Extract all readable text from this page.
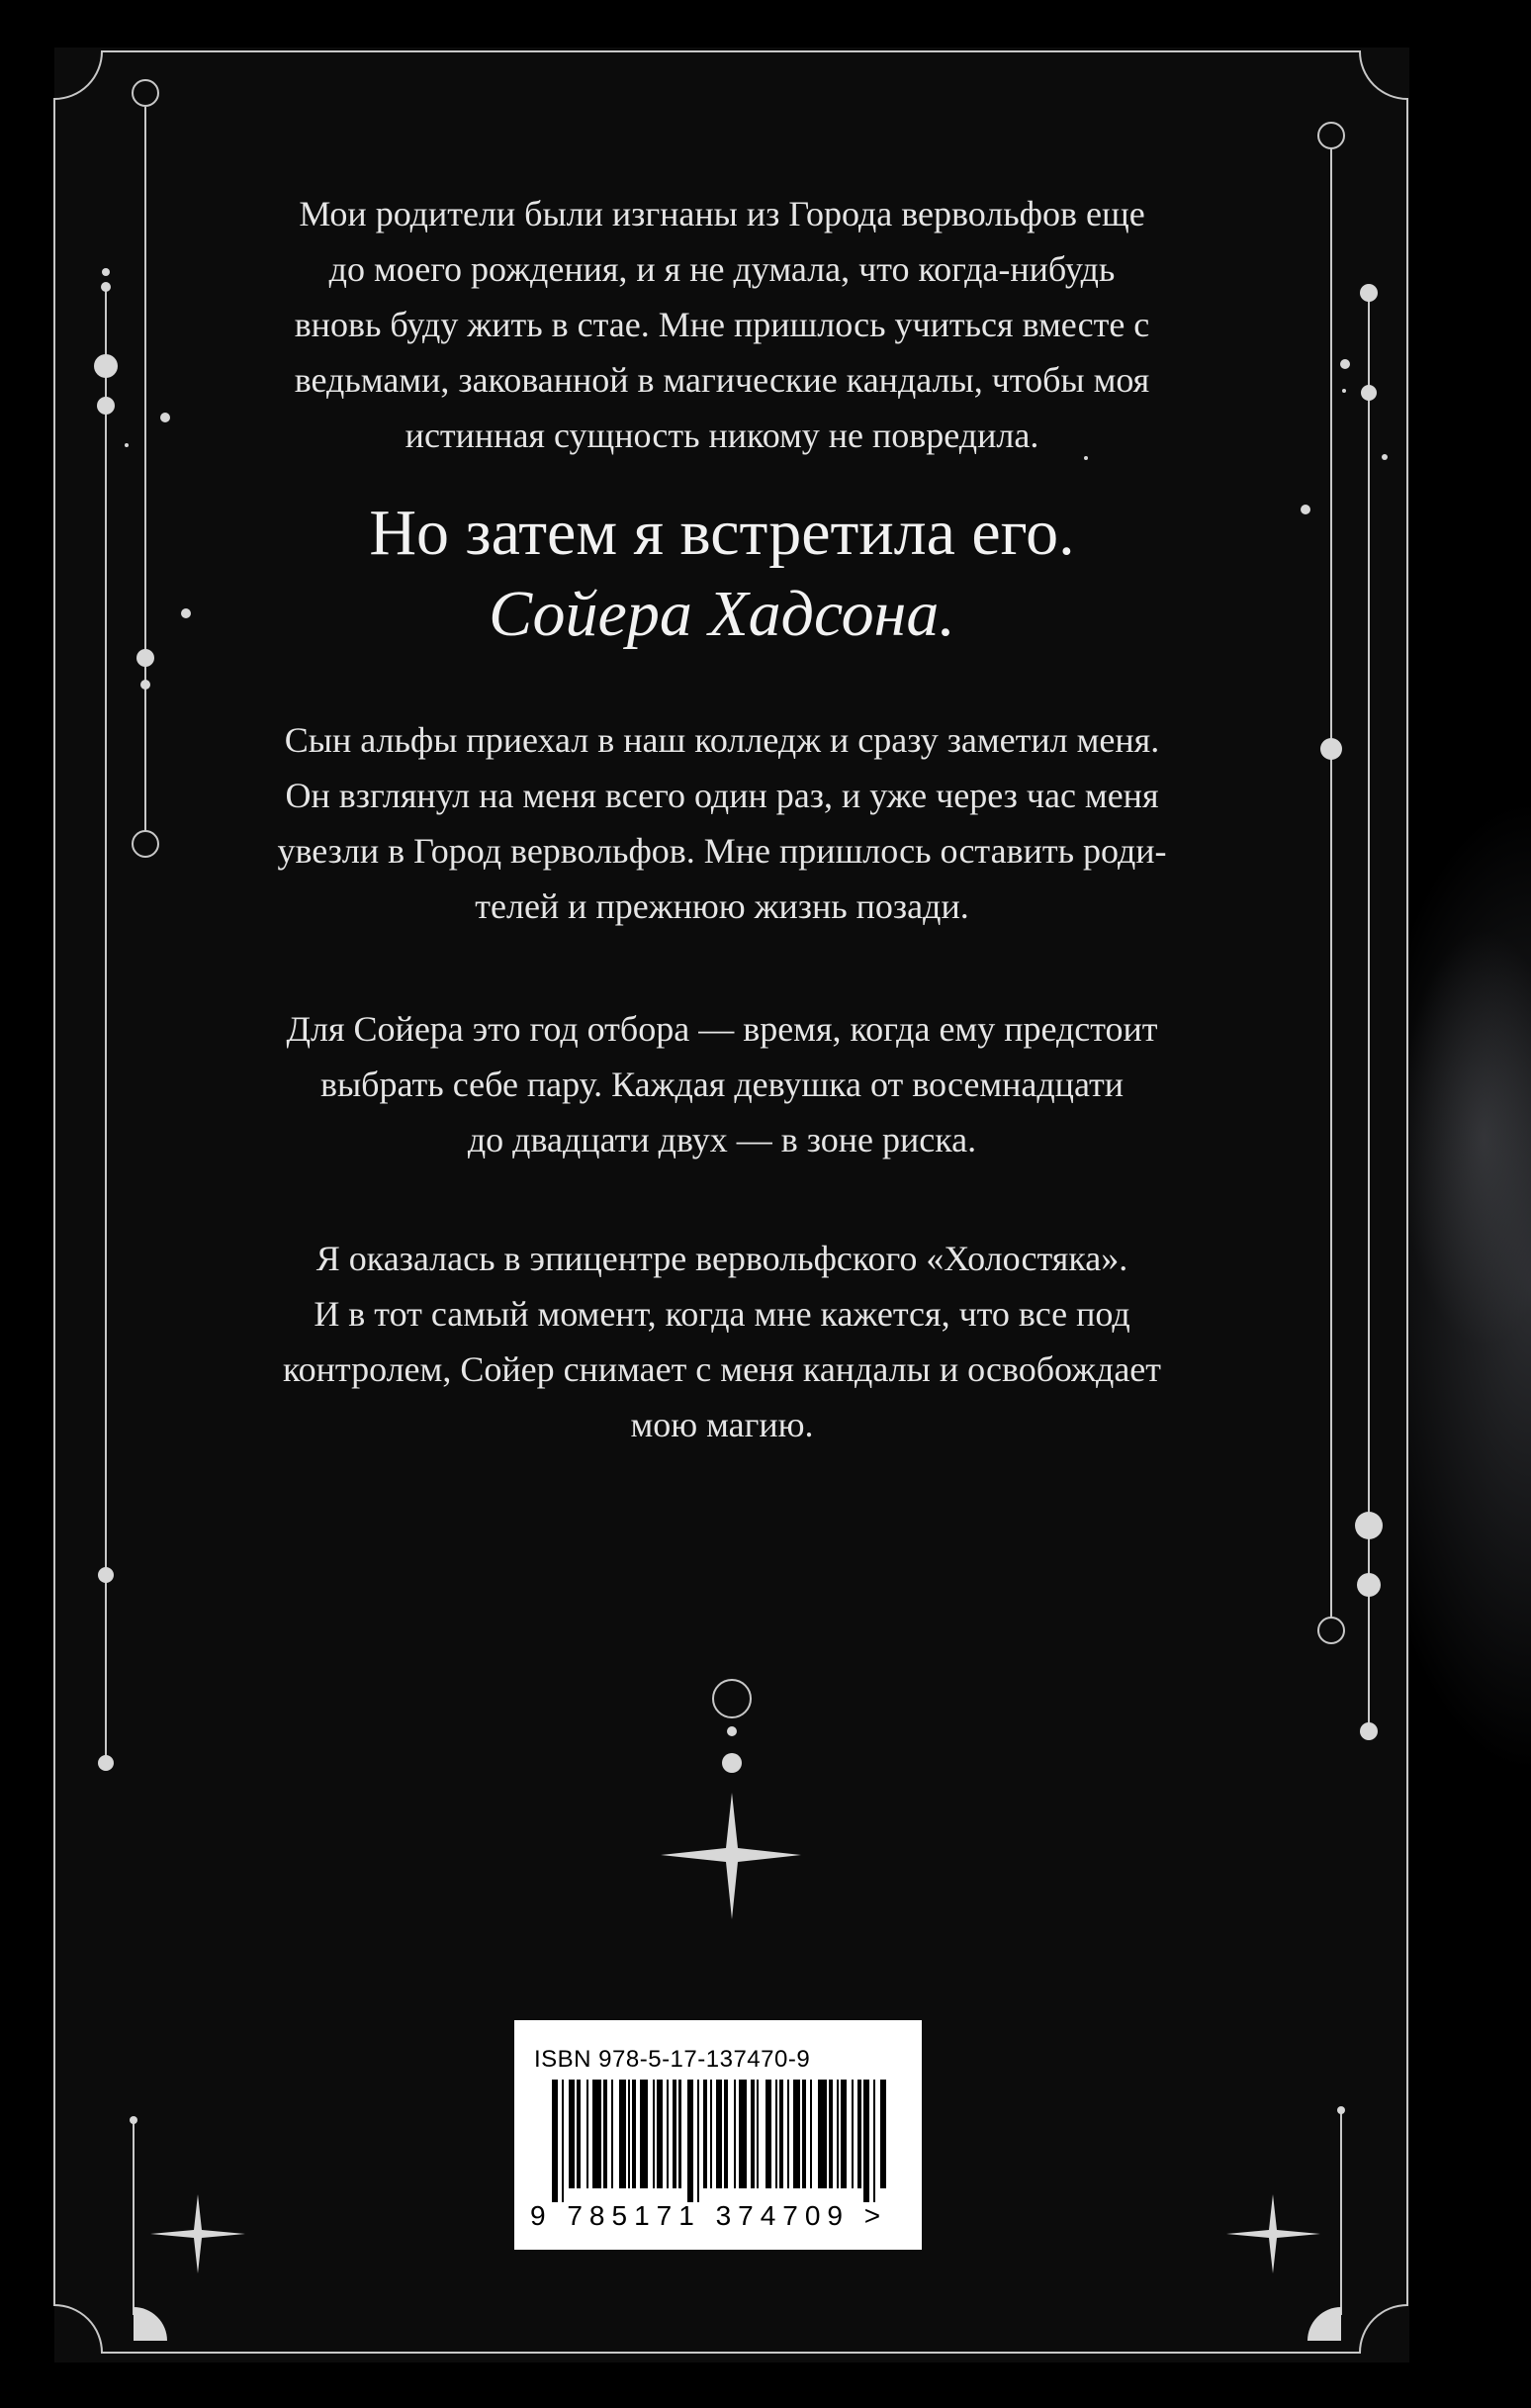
Мои родители были изгнаны из Города вервольфов еще

до моего рождения, и я не думала, что когда-нибудь

вновь буду жить в стае. Мне пришлось учиться вместе с

ведьмами, закованной в магические кандалы, чтобы моя

истинная сущность никому не повредила.

Но затем я встретила его.
Сойера Хадсона.

Сын альфы приехал в наш колледж и сразу заметил меня.

Он взглянул на меня всего один раз, и уже через час меня

увезли в Город вервольфов. Мне пришлось оставить роди-

телей и прежнюю жизнь позади.

Для Сойера это год отбора — время, когда ему предстоит

выбрать себе пару. Каждая девушка от восемнадцати

до двадцати двух — в зоне риска.

Я оказалась в эпицентре вервольфского «Холостяка».

И в тот самый момент, когда мне кажется, что все под

контролем, Сойер снимает с меня кандалы и освобождает

мою магию.

ISBN 978-5-17-137470-9
9 785171 374709 >
